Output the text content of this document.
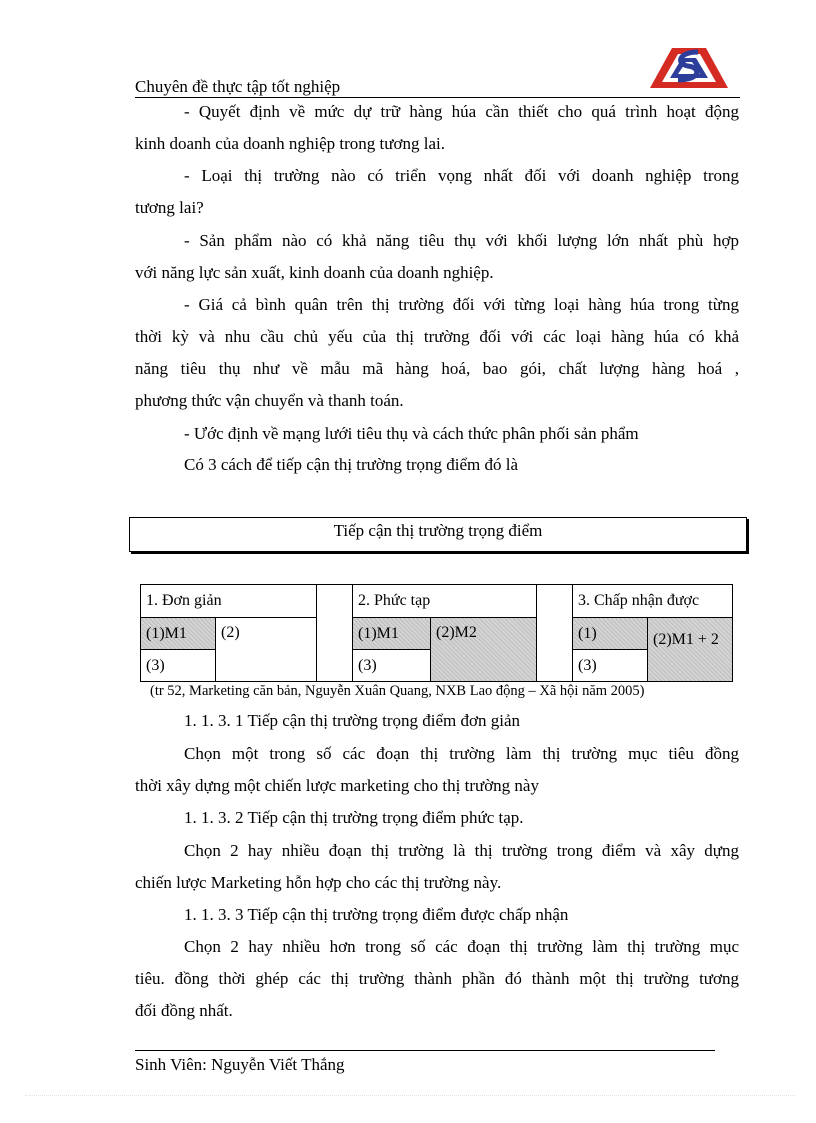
Chuyên đề thực tập tốt nghiệp
- Quyết định về mức dự trữ hàng húa cần thiết cho quá trình hoạt động
kinh doanh của doanh nghiệp trong tương lai.
- Loại thị trường nào có triển vọng nhất đối với doanh nghiệp trong
tương lai?
- Sản phẩm nào có khả năng tiêu thụ với khối lượng lớn nhất phù hợp
với năng lực sản xuất, kinh doanh của doanh nghiệp.
- Giá cả bình quân trên thị trường đối với từng loại hàng húa trong từng
thời kỳ và nhu cầu chủ yếu của thị trường đối với các loại hàng húa có khả
năng tiêu thụ như về mẫu mã hàng hoá, bao gói, chất lượng hàng hoá ,
phương thức vận chuyển và thanh toán.
- Ước định về mạng lưới tiêu thụ và cách thức phân phối sản phẩm
Có 3 cách để tiếp cận thị trường trọng điểm đó là
Tiếp cận thị trường trọng điểm
1. Đơn giản
(1)M1	(2)
(3)
2. Phức tạp
(1)M1	(2)M2
(3)
3. Chấp nhận được
(1)	(2)M1 + 2
(3)
(tr 52, Marketing căn bản, Nguyễn Xuân Quang, NXB Lao động – Xã hội năm 2005)
1. 1. 3. 1 Tiếp cận thị trường trọng điểm đơn giản
Chọn một trong số các đoạn thị trường làm thị trường mục tiêu đồng
thời xây dựng một chiến lược marketing cho thị trường này
1. 1. 3. 2 Tiếp cận thị trường trọng điểm phức tạp.
Chọn 2 hay nhiều đoạn thị trường là thị trường trong điểm và xây dựng
chiến lược Marketing hỗn hợp cho các thị trường này.
1. 1. 3. 3 Tiếp cận thị trường trọng điểm được chấp nhận
Chọn 2 hay nhiều hơn trong số các đoạn thị trường làm thị trường mục
tiêu. đồng thời ghép các thị trường thành phần đó thành một thị trường tương
đối đồng nhất.
Sinh Viên: Nguyễn Viết Thắng
